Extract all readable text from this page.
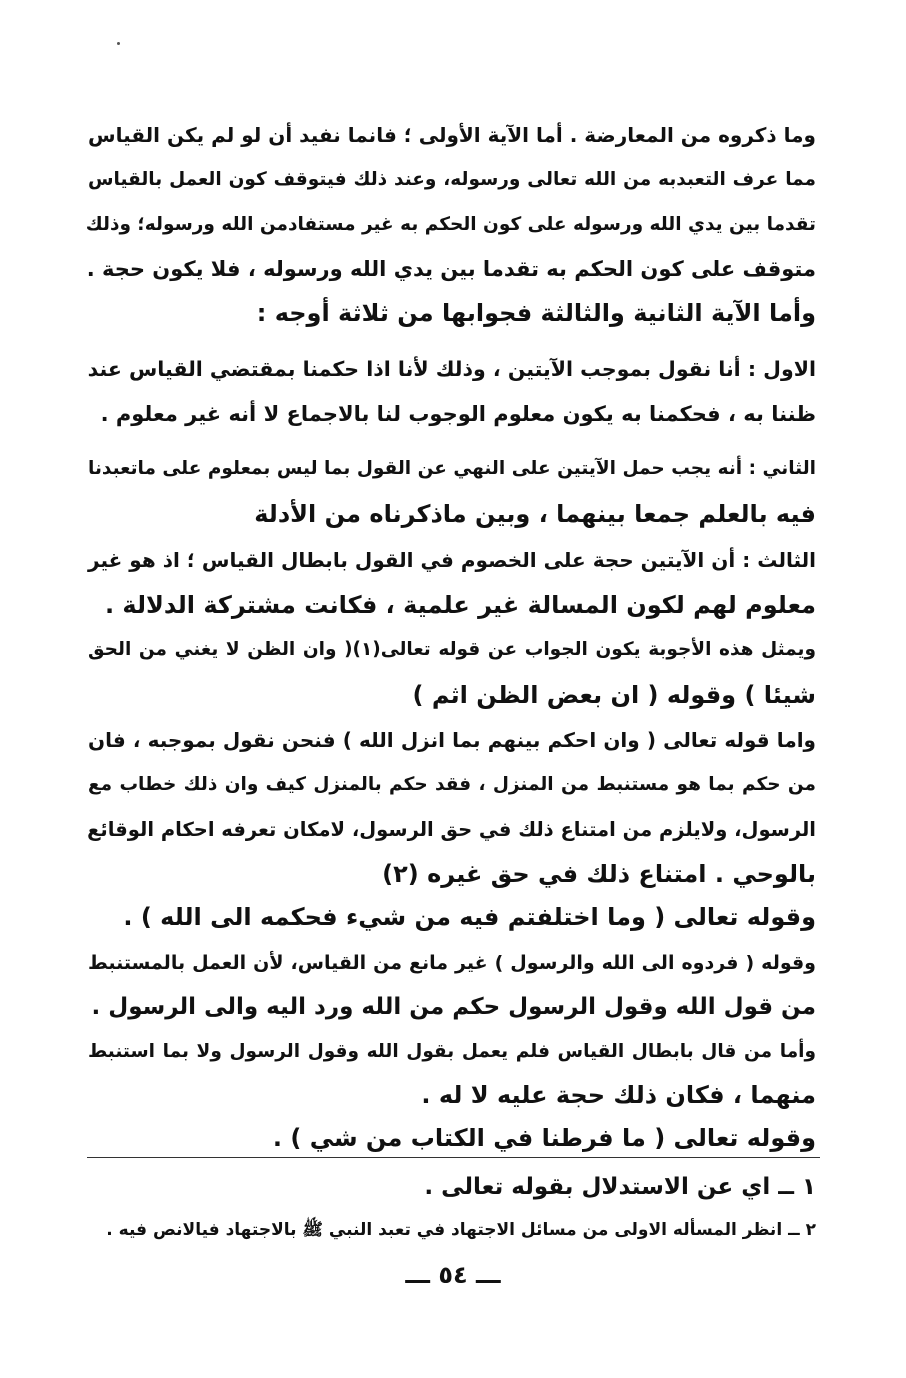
وما ذكروه من المعارضة . أما الآية الأولى ؛ فانما نفيد أن لو لم يكن القياس
مما عرف التعبدبه من الله تعالى ورسوله، وعند ذلك فيتوقف كون العمل بالقياس
تقدما بين يدي الله ورسوله على كون الحكم به غير مستفادمن الله ورسوله؛ وذلك
متوقف على كون الحكم به تقدما بين يدي الله ورسوله ، فلا يكون حجة .
وأما الآية الثانية والثالثة فجوابها من ثلاثة أوجه :
الاول : أنا نقول بموجب الآيتين ، وذلك لأنا اذا حكمنا بمقتضي القياس عند
ظننا به ، فحكمنا به يكون معلوم الوجوب لنا بالاجماع لا أنه غير معلوم .
الثاني : أنه يجب حمل الآيتين على النهي عن القول بما ليس بمعلوم على ماتعبدنا
فيه بالعلم جمعا بينهما ، وبين ماذكرناه من الأدلة
الثالث : أن الآيتين حجة على الخصوم في القول بابطال القياس ؛ اذ هو غير
معلوم لهم لكون المسالة غير علمية ، فكانت مشتركة الدلالة .
ويمثل هذه الأجوبة يكون الجواب عن قوله تعالى(١)( وان الظن لا يغني من الحق
شيئا ) وقوله ( ان بعض الظن اثم )
واما قوله تعالى ( وان احكم بينهم بما انزل الله ) فنحن نقول بموجبه ، فان
من حكم بما هو مستنبط من المنزل ، فقد حكم بالمنزل كيف وان ذلك خطاب مع
الرسول، ولايلزم من امتناع ذلك في حق الرسول، لامكان تعرفه احكام الوقائع
بالوحي . امتناع ذلك في حق غيره (٢)
وقوله تعالى ( وما اختلفتم فيه من شيء فحكمه الى الله ) .
وقوله ( فردوه الى الله والرسول ) غير مانع من القياس، لأن العمل بالمستنبط
من قول الله وقول الرسول حكم من الله ورد اليه والى الرسول .
وأما من قال بابطال القياس فلم يعمل بقول الله وقول الرسول ولا بما استنبط
منهما ، فكان ذلك حجة عليه لا له .
وقوله تعالى ( ما فرطنا في الكتاب من شي ) .
١ ــ اي عن الاستدلال بقوله تعالى .
٢ ــ انظر المسأله الاولى من مسائل الاجتهاد في تعبد النبي ﷺ بالاجتهاد فيالانص فيه .
ـــ ٥٤ ـــ
